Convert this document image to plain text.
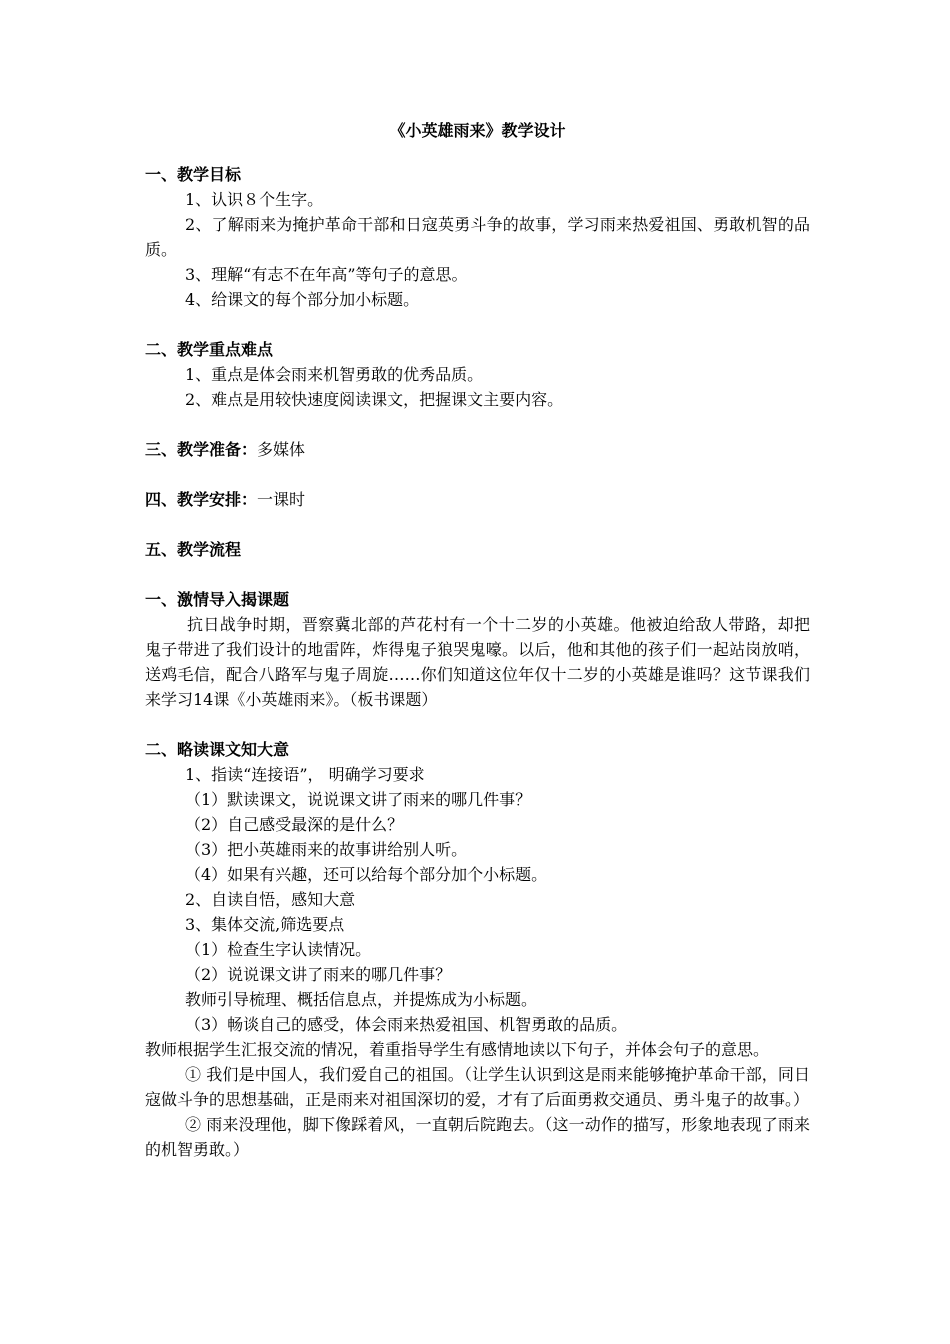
《小英雄雨来》教学设计
一、教学目标

1、认识８个生字。

2、了解雨来为掩护革命干部和日寇英勇斗争的故事，学习雨来热爱祖国、勇敢机智的品质。

3、理解“有志不在年高”等句子的意思。

4、给课文的每个部分加小标题。

二、教学重点难点

1、重点是体会雨来机智勇敢的优秀品质。

2、难点是用较快速度阅读课文，把握课文主要内容。

三、教学准备：多媒体
四、教学安排：一课时
五、教学流程
一、激情导入揭课题

抗日战争时期，晋察冀北部的芦花村有一个十二岁的小英雄。他被迫给敌人带路，却把鬼子带进了我们设计的地雷阵，炸得鬼子狼哭鬼嚎。以后，他和其他的孩子们一起站岗放哨，送鸡毛信，配合八路军与鬼子周旋……你们知道这位年仅十二岁的小英雄是谁吗？这节课我们来学习14课《小英雄雨来》。（板书课题）

二、略读课文知大意

1、指读“连接语”， 明确学习要求

（1）默读课文，说说课文讲了雨来的哪几件事？

（2）自己感受最深的是什么？

（3）把小英雄雨来的故事讲给别人听。

（4）如果有兴趣，还可以给每个部分加个小标题。

2、自读自悟，感知大意

3、集体交流,筛选要点

（1）检查生字认读情况。

（2）说说课文讲了雨来的哪几件事？

教师引导梳理、概括信息点，并提炼成为小标题。

（3）畅谈自己的感受，体会雨来热爱祖国、机智勇敢的品质。

教师根据学生汇报交流的情况，着重指导学生有感情地读以下句子，并体会句子的意思。

① 我们是中国人，我们爱自己的祖国。（让学生认识到这是雨来能够掩护革命干部，同日寇做斗争的思想基础，正是雨来对祖国深切的爱，才有了后面勇救交通员、勇斗鬼子的故事。）

② 雨来没理他，脚下像踩着风，一直朝后院跑去。（这一动作的描写，形象地表现了雨来的机智勇敢。）
